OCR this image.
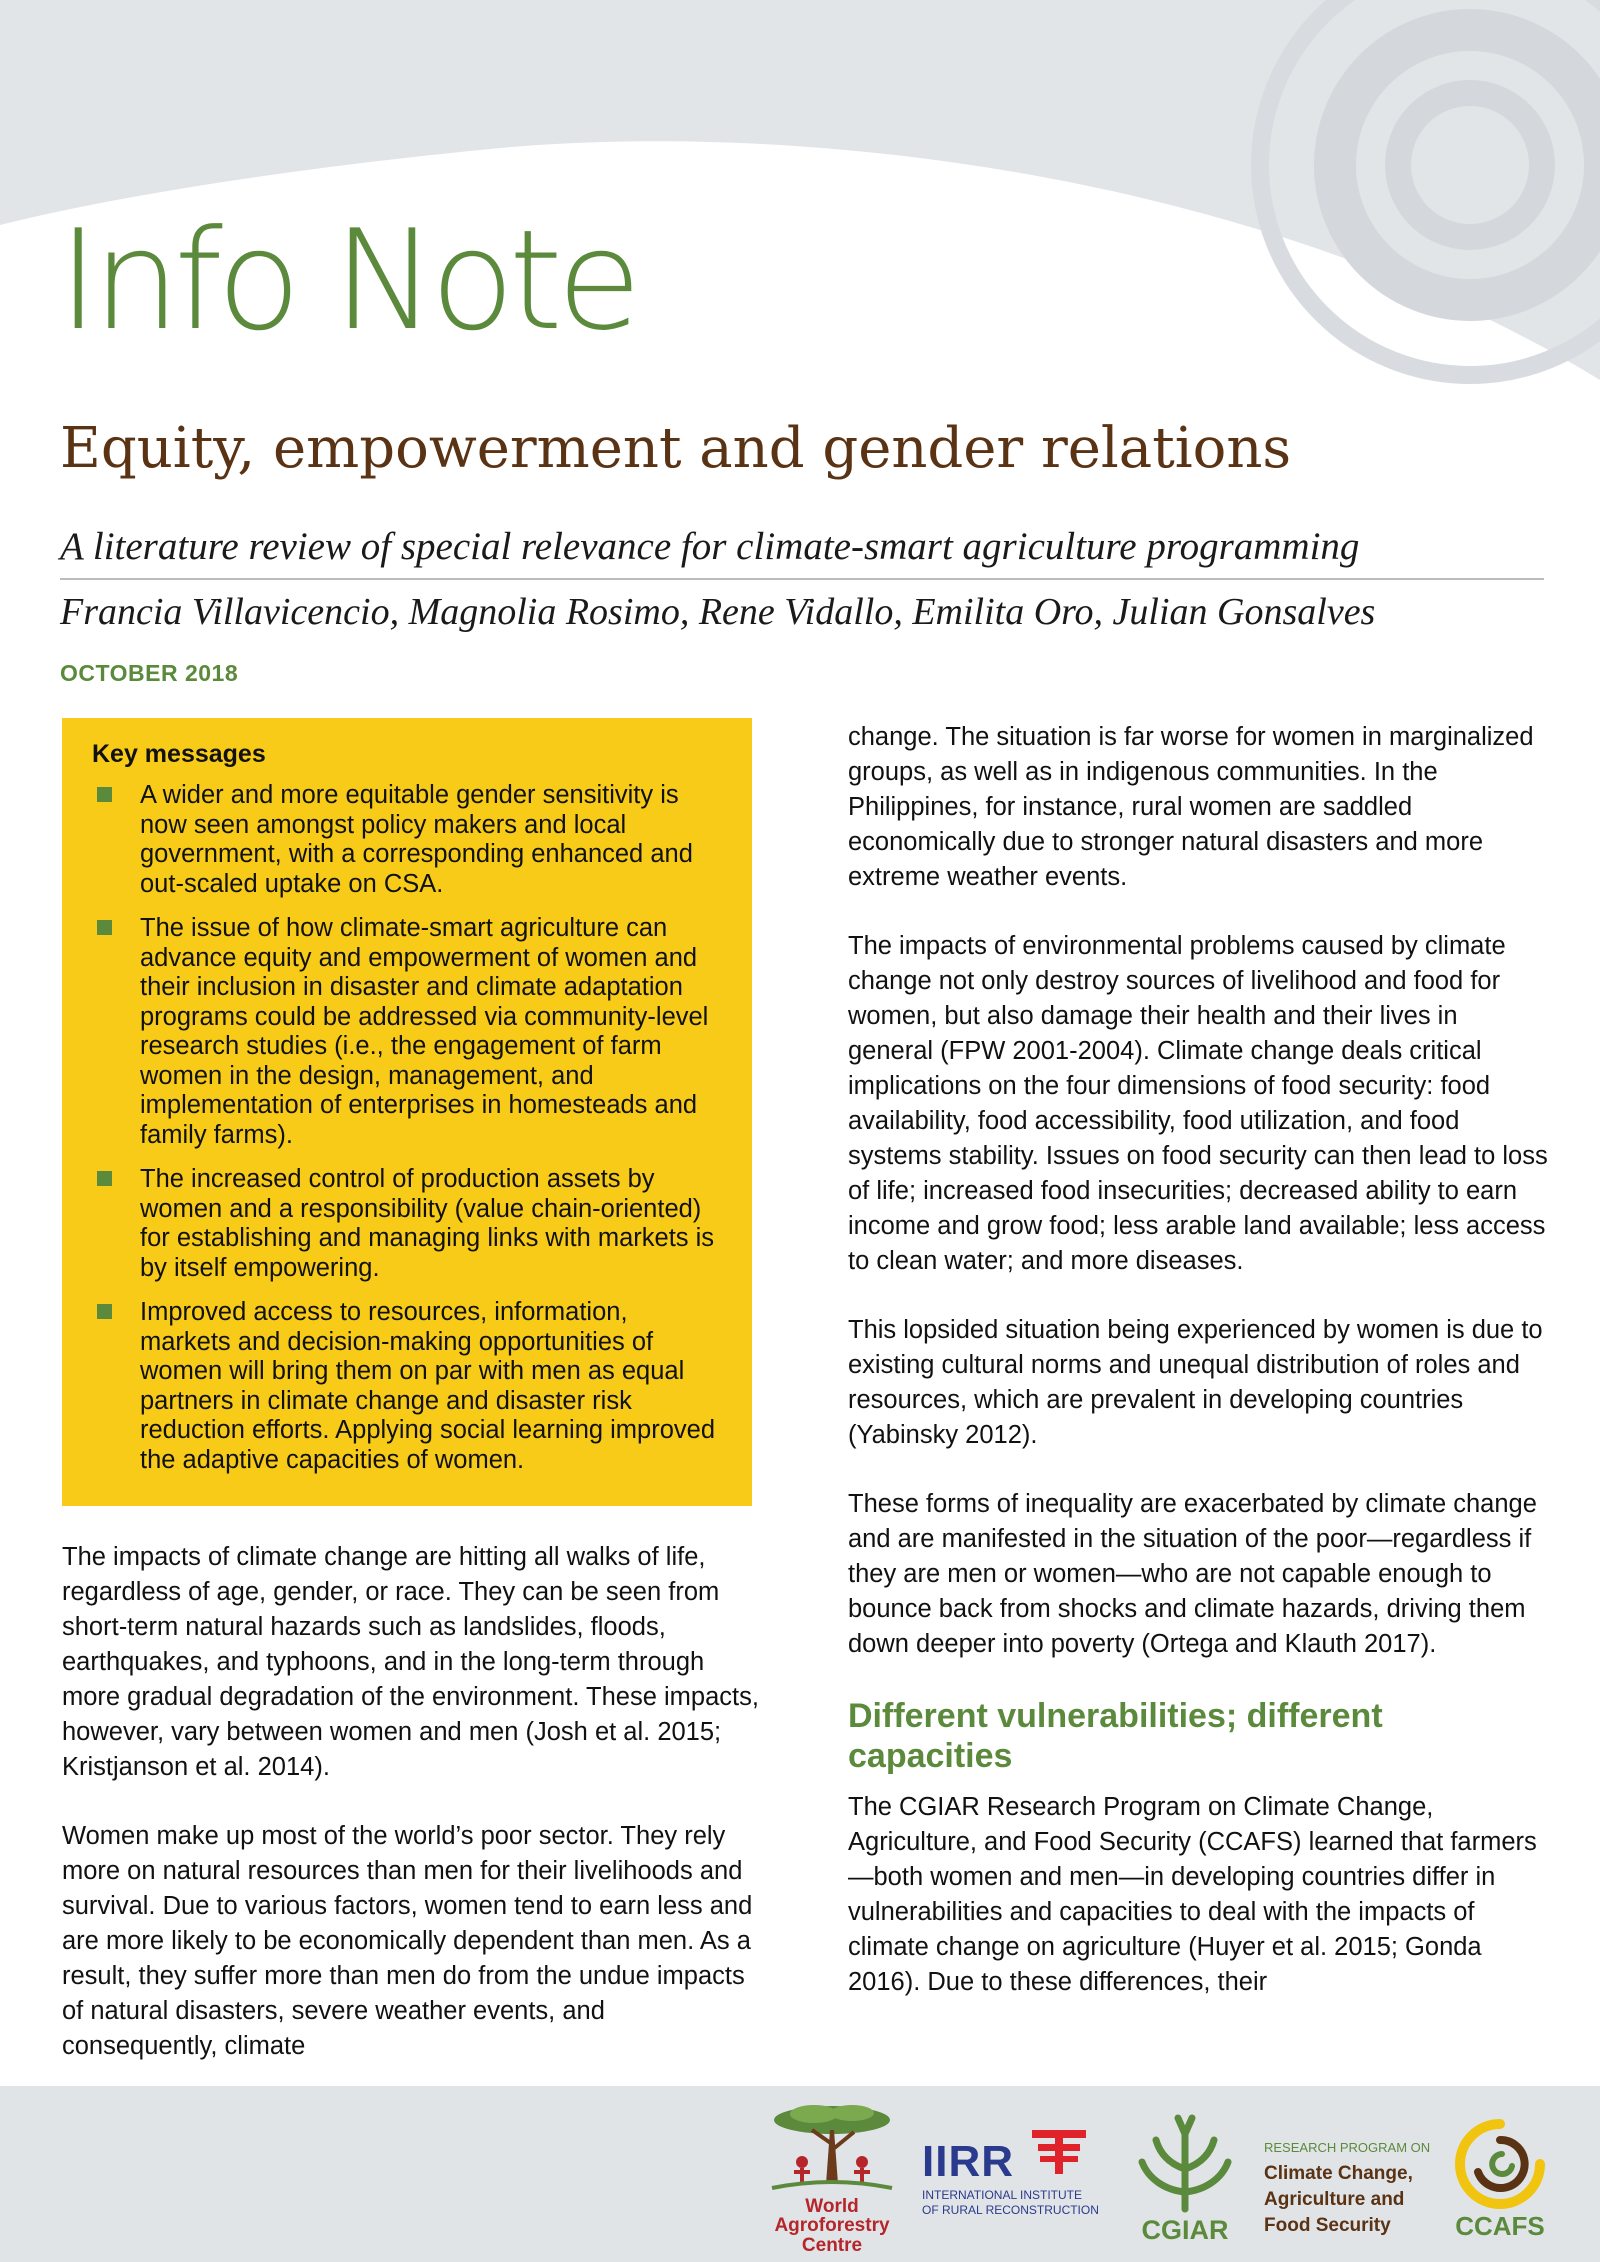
Info Note
Equity, empowerment and gender relations
A literature review of special relevance for climate-smart agriculture programming
Francia Villavicencio, Magnolia Rosimo, Rene Vidallo, Emilita Oro, Julian Gonsalves
OCTOBER 2018
Key messages
A wider and more equitable gender sensitivity is now seen amongst policy makers and local government, with a corresponding enhanced and out-scaled uptake on CSA.
The issue of how climate-smart agriculture can advance equity and empowerment of women and their inclusion in disaster and climate adaptation programs could be addressed via community-level research studies (i.e., the engagement of farm women in the design, management, and implementation of enterprises in homesteads and family farms).
The increased control of production assets by women and a responsibility (value chain-oriented) for establishing and managing links with markets is by itself empowering.
Improved access to resources, information, markets and decision-making opportunities of women will bring them on par with men as equal partners in climate change and disaster risk reduction efforts. Applying social learning improved the adaptive capacities of women.

The impacts of climate change are hitting all walks of life, regardless of age, gender, or race. They can be seen from short-term natural hazards such as landslides, floods, earthquakes, and typhoons, and in the long-term through more gradual degradation of the environment. These impacts, however, vary between women and men (Josh et al. 2015; Kristjanson et al. 2014).

Women make up most of the world’s poor sector. They rely more on natural resources than men for their livelihoods and survival. Due to various factors, women tend to earn less and are more likely to be economically dependent than men. As a result, they suffer more than men do from the undue impacts of natural disasters, severe weather events, and consequently, climate

change. The situation is far worse for women in marginalized groups, as well as in indigenous communities. In the Philippines, for instance, rural women are saddled economically due to stronger natural disasters and more extreme weather events.

The impacts of environmental problems caused by climate change not only destroy sources of livelihood and food for women, but also damage their health and their lives in general (FPW 2001-2004). Climate change deals critical implications on the four dimensions of food security: food availability, food accessibility, food utilization, and food systems stability. Issues on food security can then lead to loss of life; increased food insecurities; decreased ability to earn income and grow food; less arable land available; less access to clean water; and more diseases.

This lopsided situation being experienced by women is due to existing cultural norms and unequal distribution of roles and resources, which are prevalent in developing countries (Yabinsky 2012).

These forms of inequality are exacerbated by climate change and are manifested in the situation of the poor—regardless if they are men or women—who are not capable enough to bounce back from shocks and climate hazards, driving them down deeper into poverty (Ortega and Klauth 2017).

Different vulnerabilities; different capacities

The CGIAR Research Program on Climate Change, Agriculture, and Food Security (CCAFS) learned that farmers—both women and men—in developing countries differ in vulnerabilities and capacities to deal with the impacts of climate change on agriculture (Huyer et al. 2015; Gonda 2016). Due to these differences, their

World
Agroforestry
Centre
IIRR
INTERNATIONAL INSTITUTE
OF RURAL RECONSTRUCTION
CGIAR
RESEARCH PROGRAM ON
Climate Change,
Agriculture and
Food Security	CCAFS
